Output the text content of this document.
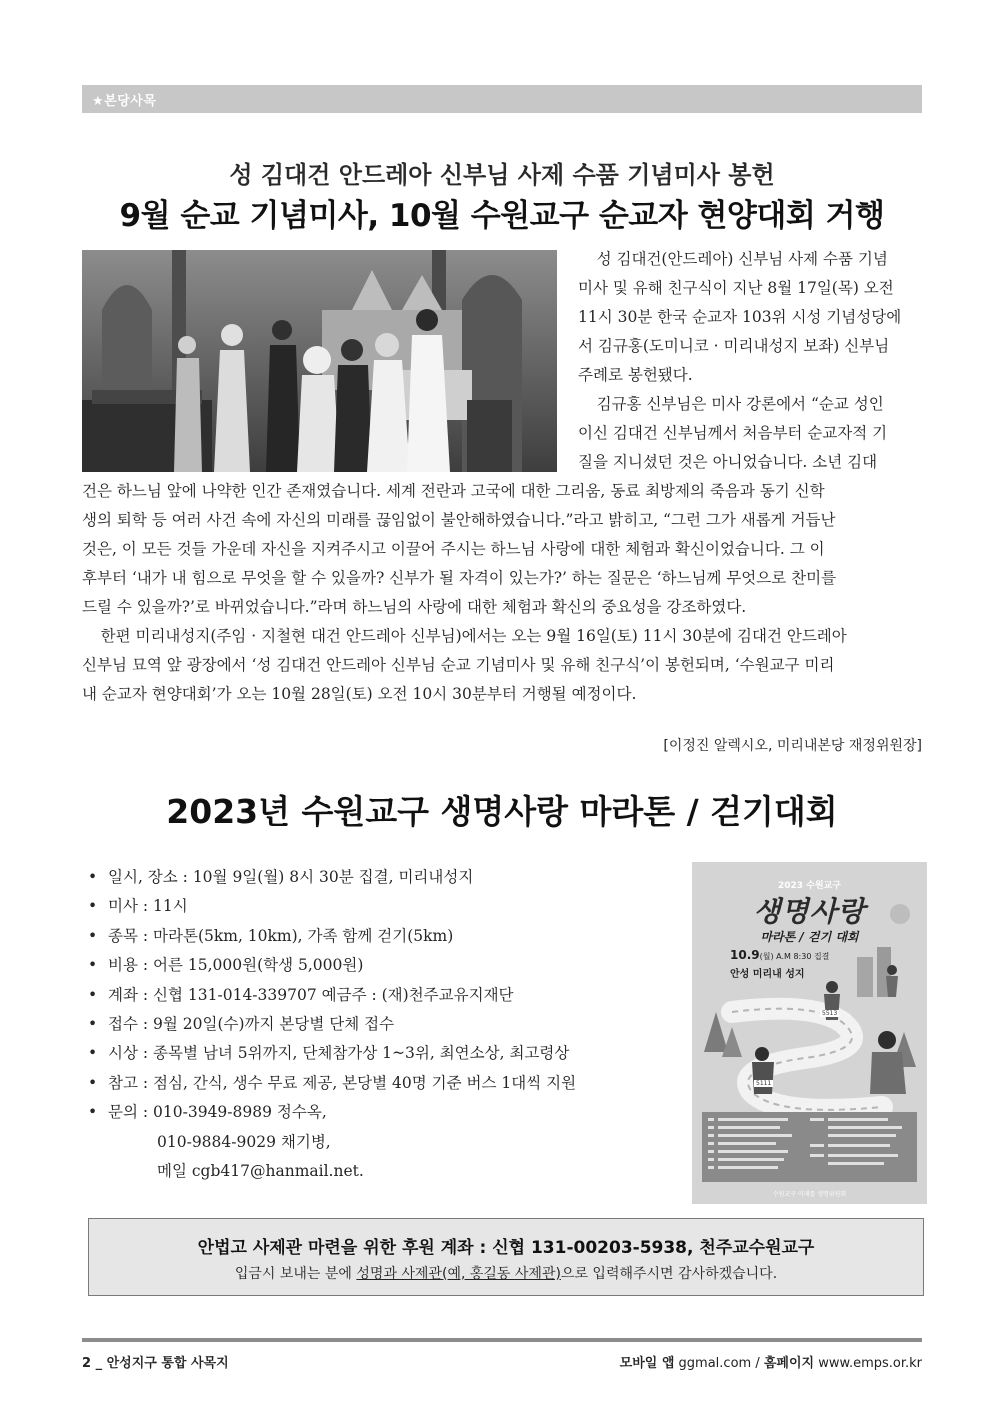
★본당사목
성 김대건 안드레아 신부님 사제 수품 기념미사 봉헌
9월 순교 기념미사, 10월 수원교구 순교자 현양대회 거행

성 김대건(안드레아) 신부님 사제 수품 기념
미사 및 유해 친구식이 지난 8월 17일(목) 오전
11시 30분 한국 순교자 103위 시성 기념성당에
서 김규홍(도미니코 · 미리내성지 보좌) 신부님
주례로 봉헌됐다.

김규홍 신부님은 미사 강론에서 “순교 성인
이신 김대건 신부님께서 처음부터 순교자적 기
질을 지니셨던 것은 아니었습니다. 소년 김대

건은 하느님 앞에 나약한 인간 존재였습니다. 세계 전란과 고국에 대한 그리움, 동료 최방제의 죽음과 동기 신학
생의 퇴학 등 여러 사건 속에 자신의 미래를 끊임없이 불안해하였습니다.”라고 밝히고, “그런 그가 새롭게 거듭난
것은, 이 모든 것들 가운데 자신을 지켜주시고 이끌어 주시는 하느님 사랑에 대한 체험과 확신이었습니다. 그 이
후부터 ‘내가 내 힘으로 무엇을 할 수 있을까? 신부가 될 자격이 있는가?’ 하는 질문은 ‘하느님께 무엇으로 찬미를
드릴 수 있을까?’로 바뀌었습니다.”라며 하느님의 사랑에 대한 체험과 확신의 중요성을 강조하였다.

한편 미리내성지(주임 · 지철현 대건 안드레아 신부님)에서는 오는 9월 16일(토) 11시 30분에 김대건 안드레아
신부님 묘역 앞 광장에서 ‘성 김대건 안드레아 신부님 순교 기념미사 및 유해 친구식’이 봉헌되며, ‘수원교구 미리
내 순교자 현양대회’가 오는 10월 28일(토) 오전 10시 30분부터 거행될 예정이다.

[이정진 알렉시오, 미리내본당 재정위원장]
2023년 수원교구 생명사랑 마라톤 / 걷기대회
• 일시, 장소 : 10월 9일(월) 8시 30분 집결, 미리내성지
• 미사 : 11시
• 종목 : 마라톤(5km, 10km), 가족 함께 걷기(5km)
• 비용 : 어른 15,000원(학생 5,000원)
• 계좌 : 신협 131-014-339707 예금주 : (재)천주교유지재단
• 접수 : 9월 20일(수)까지 본당별 단체 접수
• 시상 : 종목별 남녀 5위까지, 단체참가상 1~3위, 최연소상, 최고령상
• 참고 : 점심, 간식, 생수 무료 제공, 본당별 40명 기준 버스 1대씩 지원
• 문의 : 010-3949-8989 정수옥,
010-9884-9029 채기병,
메일 cgb417@hanmail.net.
2023 수원교구
생명사랑
마라톤 / 걷기 대회
10.9(월) A.M 8:30 집결
안성 미리내 성지
5513
5111
수원교구 미래를 생명위원회
안법고 사제관 마련을 위한 후원 계좌 : 신협 131-00203-5938, 천주교수원교구
입금시 보내는 분에 성명과 사제관(예, 홍길동 사제관)으로 입력해주시면 감사하겠습니다.
2 _ 안성지구 통합 사목지	모바일 앱 ggmal.com / 홈페이지 www.emps.or.kr
